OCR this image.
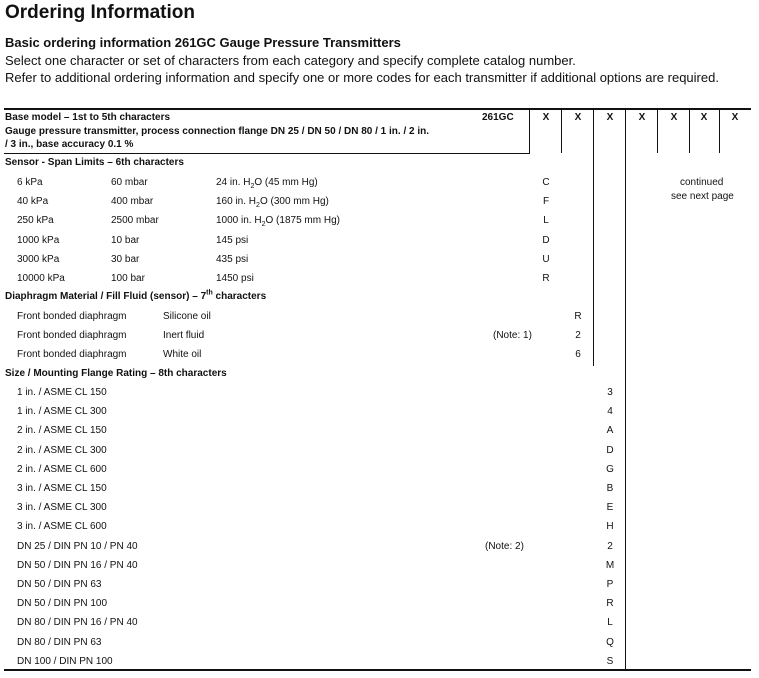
Ordering Information
Basic ordering information 261GC Gauge Pressure Transmitters
Select one character or set of characters from each category and specify complete catalog number.
Refer to additional ordering information and specify one or more codes for each transmitter if additional options are required.
Base model – 1st to 5th characters
Gauge pressure transmitter, process connection flange DN 25 / DN 50 / DN 80 / 1 in. / 2 in.
/ 3 in., base accuracy 0.1 %
261GC	X	X	X	X	X	X	X
continued
see next page
Sensor - Span Limits – 6th characters
6 kPa	60 mbar	24 in. $H_2O$ (45 mm Hg)	C
40 kPa	400 mbar	160 in. $H_2O$ (300 mm Hg)	F
250 kPa	2500 mbar	1000 in. $H_2O$ (1875 mm Hg)	L
1000 kPa	10 bar	145 psi	D
3000 kPa	30 bar	435 psi	U
10000 kPa	100 bar	1450 psi	R
Diaphragm Material / Fill Fluid (sensor) – 7th characters
Front bonded diaphragm	Silicone oil	R
Front bonded diaphragm	Inert fluid	(Note: 1)	2
Front bonded diaphragm	White oil	6
Size / Mounting Flange Rating – 8th characters
1 in. / ASME CL 150	3
1 in. / ASME CL 300	4
2 in. / ASME CL 150	A
2 in. / ASME CL 300	D
2 in. / ASME CL 600	G
3 in. / ASME CL 150	B
3 in. / ASME CL 300	E
3 in. / ASME CL 600	H
DN 25 / DIN PN 10 / PN 40	(Note: 2)	2
DN 50 / DIN PN 16 / PN 40	M
DN 50 / DIN PN 63	P
DN 50 / DIN PN 100	R
DN 80 / DIN PN 16 / PN 40	L
DN 80 / DIN PN 63	Q
DN 100 / DIN PN 100	S
